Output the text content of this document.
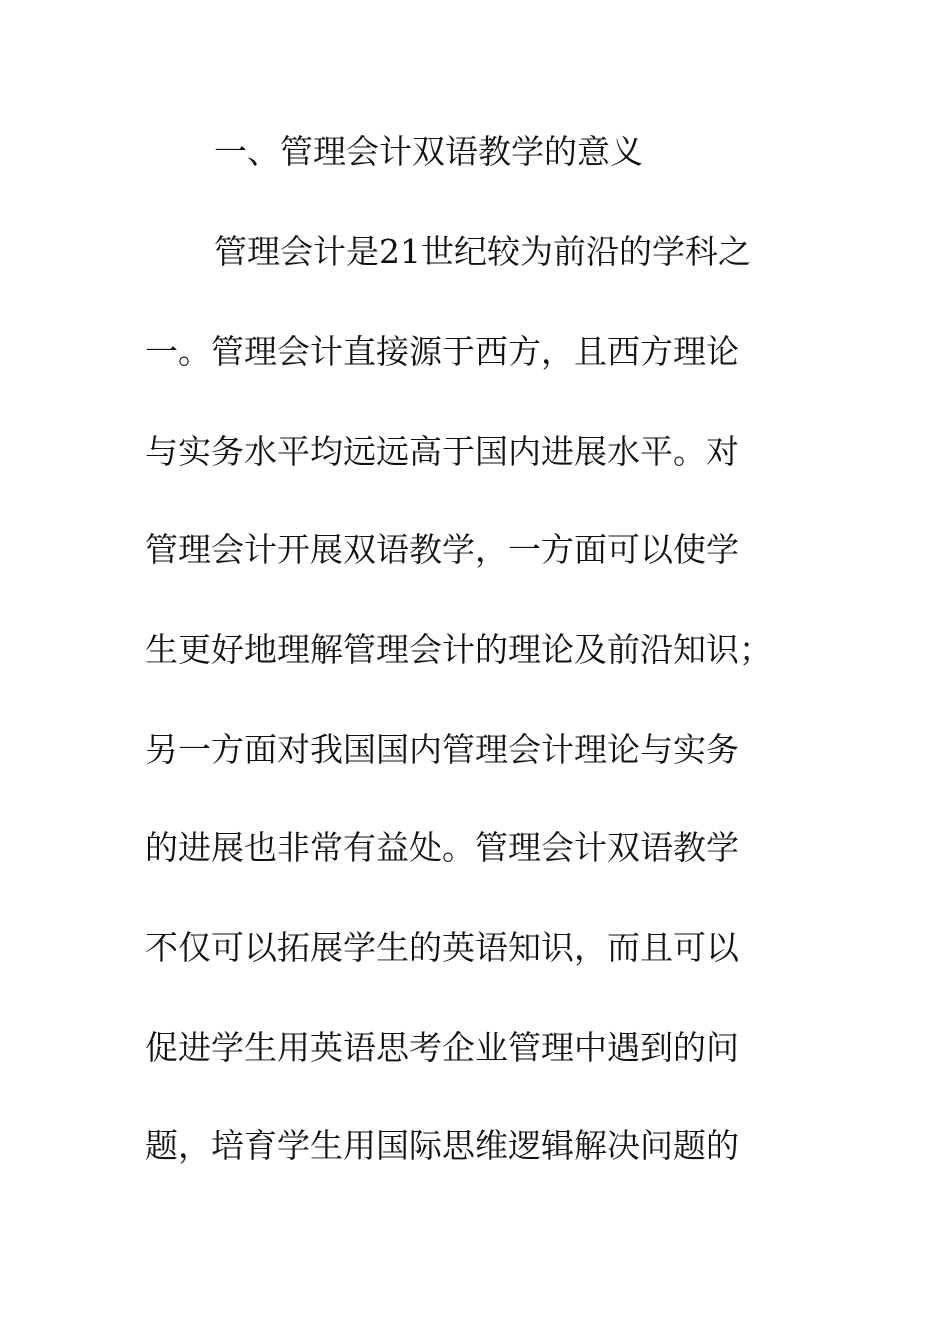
一、管理会计双语教学的意义
管理会计是21世纪较为前沿的学科之
一。管理会计直接源于西方，且西方理论
与实务水平均远远高于国内进展水平。对
管理会计开展双语教学，一方面可以使学
生更好地理解管理会计的理论及前沿知识；
另一方面对我国国内管理会计理论与实务
的进展也非常有益处。管理会计双语教学
不仅可以拓展学生的英语知识，而且可以
促进学生用英语思考企业管理中遇到的问
题，培育学生用国际思维逻辑解决问题的
